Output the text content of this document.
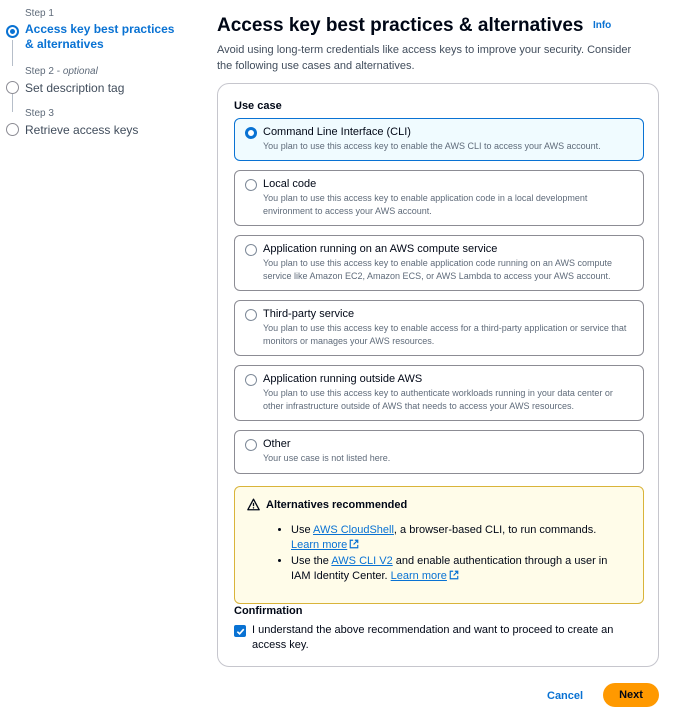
Step 1
Access key best practices & alternatives
Step 2 - optional
Set description tag
Step 3
Retrieve access keys
Access key best practices & alternatives Info
Avoid using long-term credentials like access keys to improve your security. Consider the following use cases and alternatives.
Use case
Command Line Interface (CLI)
You plan to use this access key to enable the AWS CLI to access your AWS account.
Local code
You plan to use this access key to enable application code in a local development environment to access your AWS account.
Application running on an AWS compute service
You plan to use this access key to enable application code running on an AWS compute service like Amazon EC2, Amazon ECS, or AWS Lambda to access your AWS account.
Third-party service
You plan to use this access key to enable access for a third-party application or service that monitors or manages your AWS resources.
Application running outside AWS
You plan to use this access key to authenticate workloads running in your data center or other infrastructure outside of AWS that needs to access your AWS resources.
Other
Your use case is not listed here.
Alternatives recommended
• Use AWS CloudShell, a browser-based CLI, to run commands. Learn more
• Use the AWS CLI V2 and enable authentication through a user in IAM Identity Center. Learn more
Confirmation
I understand the above recommendation and want to proceed to create an access key.
Cancel	Next
